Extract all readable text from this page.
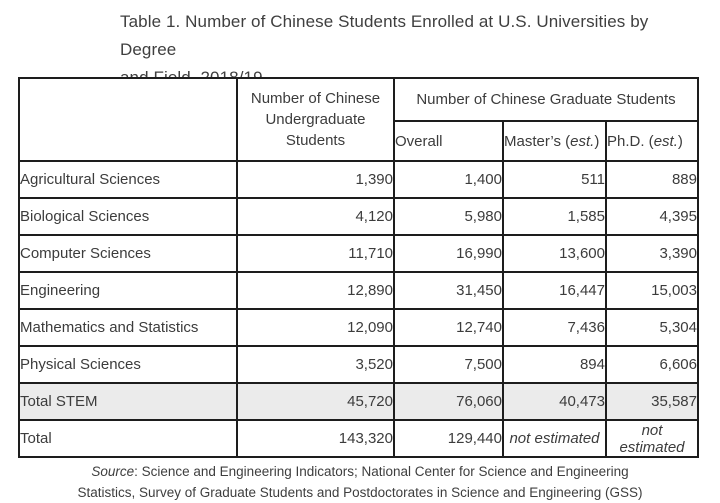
Table 1. Number of Chinese Students Enrolled at U.S. Universities by Degree
	Number of Chinese Undergraduate Students	Number of Chinese Graduate Students		
		Overall	Master’s (est.)	Ph.D. (est.)
Agricultural Sciences	1,390	1,400	511	889
Biological Sciences	4,120	5,980	1,585	4,395
Computer Sciences	11,710	16,990	13,600	3,390
Engineering	12,890	31,450	16,447	15,003
Mathematics and Statistics	12,090	12,740	7,436	5,304
Physical Sciences	3,520	7,500	894	6,606
Total STEM	45,720	76,060	40,473	35,587
Total	143,320	129,440	not estimated	not estimated
Source: Science and Engineering Indicators; National Center for Science and Engineering
Statistics, Survey of Graduate Students and Postdoctorates in Science and Engineering (GSS)
